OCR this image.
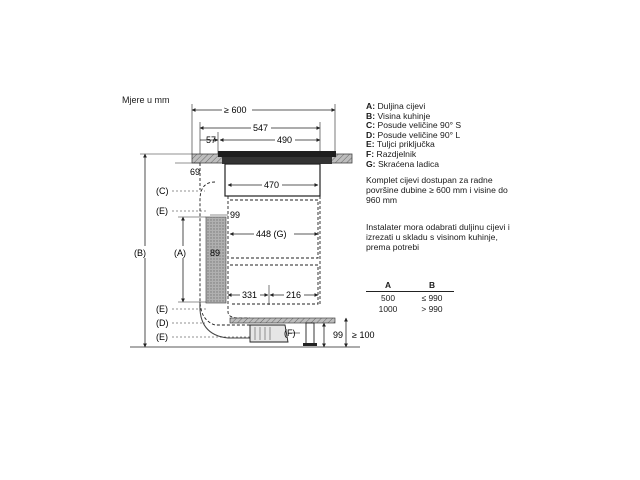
Mjere u mm
≥ 600
547
57	490
69
470
99
448 (G)
89
331	216
99 ≥ 100
(B)	(A)
(C)
(E)
(E)
(D)
(E)	(F)
A: Duljina cijevi
B: Visina kuhinje
C: Posude veličine 90° S
D: Posude veličine 90° L
E: Tuljci priključka
F: Razdjelnik
G: Skraćena ladica
Komplet cijevi dostupan za radne površine dubine ≥ 600 mm i visine do 960 mm
Instalater mora odabrati duljinu cijevi i izrezati u skladu s visinom kuhinje, prema potrebi
A	B
500	≤ 990
1000	> 990
